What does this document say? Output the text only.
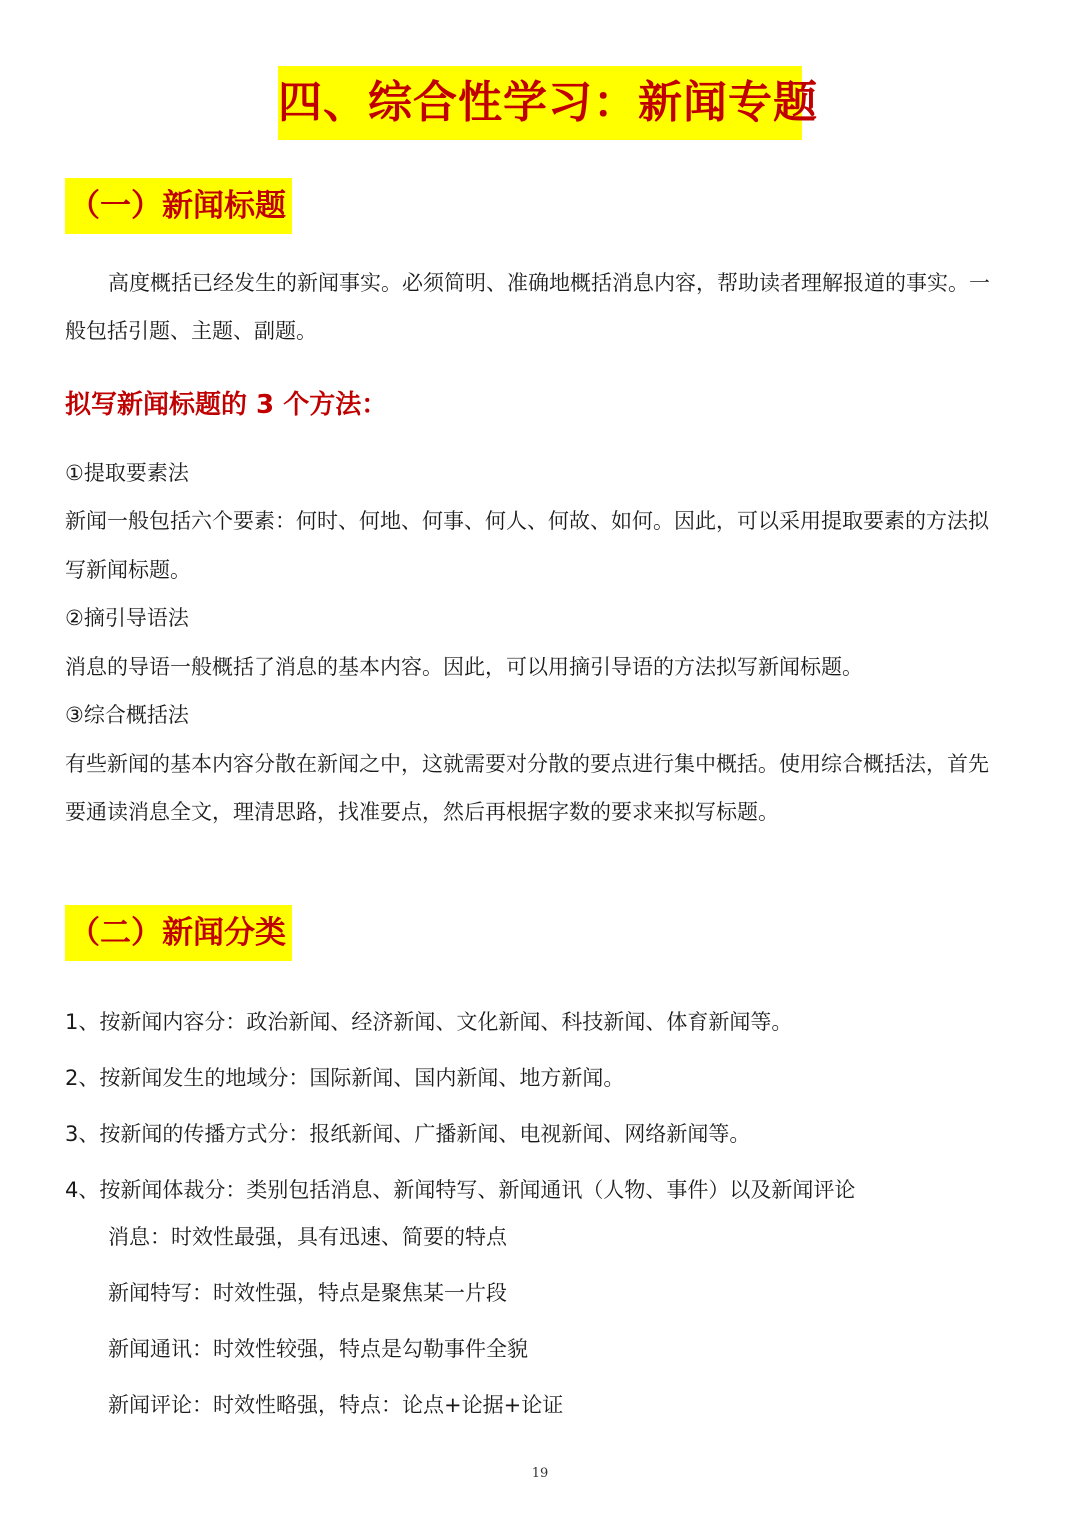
四、综合性学习：新闻专题
（一）新闻标题
高度概括已经发生的新闻事实。必须简明、准确地概括消息内容，帮助读者理解报道的事实。一
般包括引题、主题、副题。
拟写新闻标题的 3 个方法：
①提取要素法
新闻一般包括六个要素：何时、何地、何事、何人、何故、如何。因此，可以采用提取要素的方法拟
写新闻标题。
②摘引导语法
消息的导语一般概括了消息的基本内容。因此，可以用摘引导语的方法拟写新闻标题。
③综合概括法
有些新闻的基本内容分散在新闻之中，这就需要对分散的要点进行集中概括。使用综合概括法，首先
要通读消息全文，理清思路，找准要点，然后再根据字数的要求来拟写标题。
（二）新闻分类
1、按新闻内容分：政治新闻、经济新闻、文化新闻、科技新闻、体育新闻等。
2、按新闻发生的地域分：国际新闻、国内新闻、地方新闻。
3、按新闻的传播方式分：报纸新闻、广播新闻、电视新闻、网络新闻等。
4、按新闻体裁分：类别包括消息、新闻特写、新闻通讯（人物、事件）以及新闻评论
消息：时效性最强，具有迅速、简要的特点
新闻特写：时效性强，特点是聚焦某一片段
新闻通讯：时效性较强，特点是勾勒事件全貌
新闻评论：时效性略强，特点：论点+论据+论证
19
